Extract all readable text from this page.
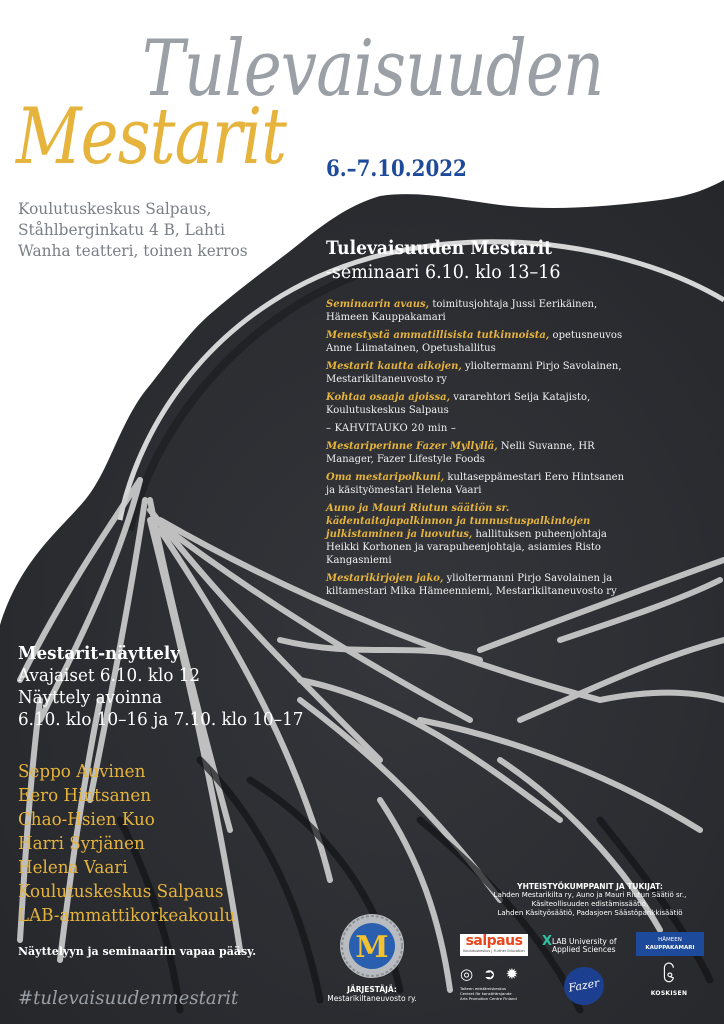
Tulevaisuuden
Mestarit 6.–7.10.2022
Koulutuskeskus Salpaus,
Ståhlberginkatu 4 B, Lahti
Wanha teatteri, toinen kerros	Tulevaisuuden Mestarit
-seminaari 6.10. klo 13–16
Seminaarin avaus, toimitusjohtaja Jussi Eerikäinen, Hämeen Kauppakamari
Menestystä ammatillisista tutkinnoista, opetusneuvos Anne Liimatainen, Opetushallitus
Mestarit kautta aikojen, ylioltermanni Pirjo Savolainen, Mestarikiltaneuvosto ry
Kohtaa osaaja ajoissa, vararehtori Seija Katajisto, Koulutuskeskus Salpaus
– KAHVITAUKO 20 min –
Mestariperinne Fazer Myllyllä, Nelli Suvanne, HR Manager, Fazer Lifestyle Foods
Oma mestaripolkuni, kultaseppämestari Eero Hintsanen ja käsityömestari Helena Vaari
Auno ja Mauri Riutun säätiön sr. kädentaitajapalkinnon ja tunnustuspalkintojen julkistaminen ja luovutus, hallituksen puheenjohtaja Heikki Korhonen ja varapuheenjohtaja, asiamies Risto Kangasniemi
Mestarikirjojen jako, ylioltermanni Pirjo Savolainen ja kiltamestari Mika Hämeenniemi, Mestarikiltaneuvosto ry
Mestarit-näyttely
Avajaiset 6.10. klo 12
Näyttely avoinna
6.10. klo 10–16 ja 7.10. klo 10–17
Seppo Auvinen
Eero Hintsanen
Chao-Hsien Kuo
Harri Syrjänen
Helena Vaari
Koulutuskeskus Salpaus
LAB-ammattikorkeakoulu
Näyttelyyn ja seminaariin vapaa pääsy.
#tulevaisuudenmestarit
M
JÄRJESTÄJÄ:
Mestarikiltaneuvosto ry.
YHTEISTYÖKUMPPANIT JA TUKIJAT:
Lahden Mestarikilta ry, Auno ja Mauri Riutun Säätiö sr.,
Käsiteollisuuden edistämissäätiö,
Lahden Käsityösäätiö, Padasjoen Säästöpankkisäätiö
salpaus
Koulutuskeskus | Further Education
X LAB University of
Applied Sciences
HÄMEEN
KAUPPAKAMARI
◎ ➲ ✹
Taiteen edistämiskeskus
Centret för konstfrämjande
Arts Promotion Centre Finland
Fazer	၆
KOSKISEN
